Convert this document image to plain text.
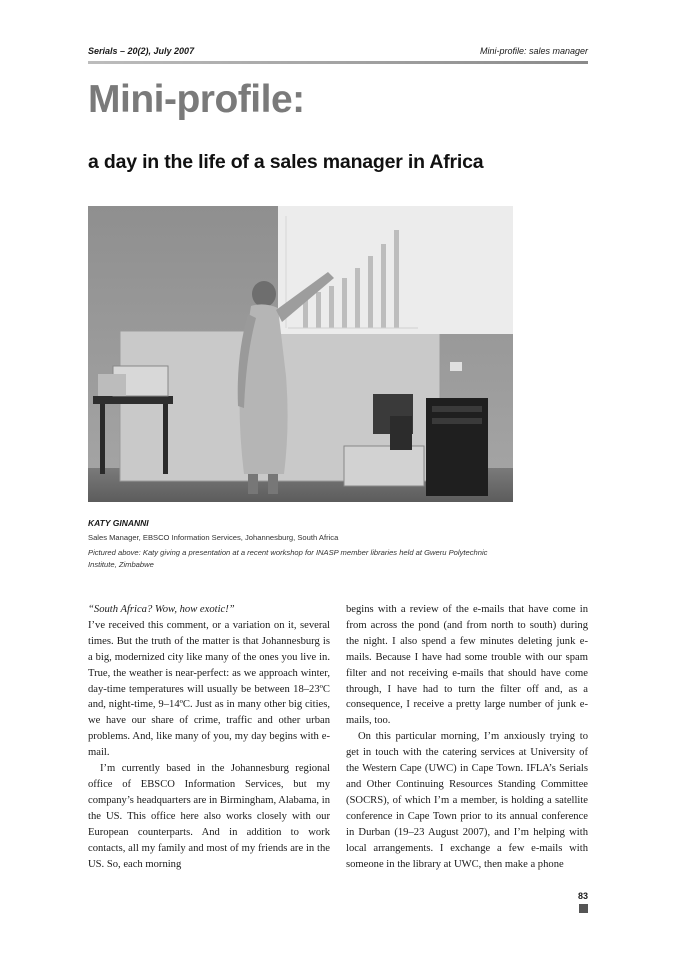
Serials – 20(2), July 2007	Mini-profile: sales manager
Mini-profile:
a day in the life of a sales manager in Africa
KATY GINANNI
Sales Manager, EBSCO Information Services, Johannesburg, South Africa
Pictured above: Katy giving a presentation at a recent workshop for INASP member libraries held at Gweru Polytechnic
Institute, Zimbabwe

“South Africa? Wow, how exotic!”

I’ve received this comment, or a variation on it, several times. But the truth of the matter is that Johannesburg is a big, modernized city like many of the ones you live in. True, the weather is near-perfect: as we approach winter, day-time temperatures will usually be between 18–23ºC and, night-time, 9–14ºC. Just as in many other big cities, we have our share of crime, traffic and other urban problems. And, like many of you, my day begins with e-mail.

I’m currently based in the Johannesburg regional office of EBSCO Information Services, but my company’s headquarters are in Birmingham, Alabama, in the US. This office here also works closely with our European counterparts. And in addition to work contacts, all my family and most of my friends are in the US. So, each morning

begins with a review of the e-mails that have come in from across the pond (and from north to south) during the night. I also spend a few minutes deleting junk e-mails. Because I have had some trouble with our spam filter and not receiving e-mails that should have come through, I have had to turn the filter off and, as a consequence, I receive a pretty large number of junk e-mails, too.

On this particular morning, I’m anxiously trying to get in touch with the catering services at University of the Western Cape (UWC) in Cape Town. IFLA’s Serials and Other Continuing Resources Standing Committee (SOCRS), of which I’m a member, is holding a satellite conference in Cape Town prior to its annual conference in Durban (19–23 August 2007), and I’m helping with local arrangements. I exchange a few e-mails with someone in the library at UWC, then make a phone

83
